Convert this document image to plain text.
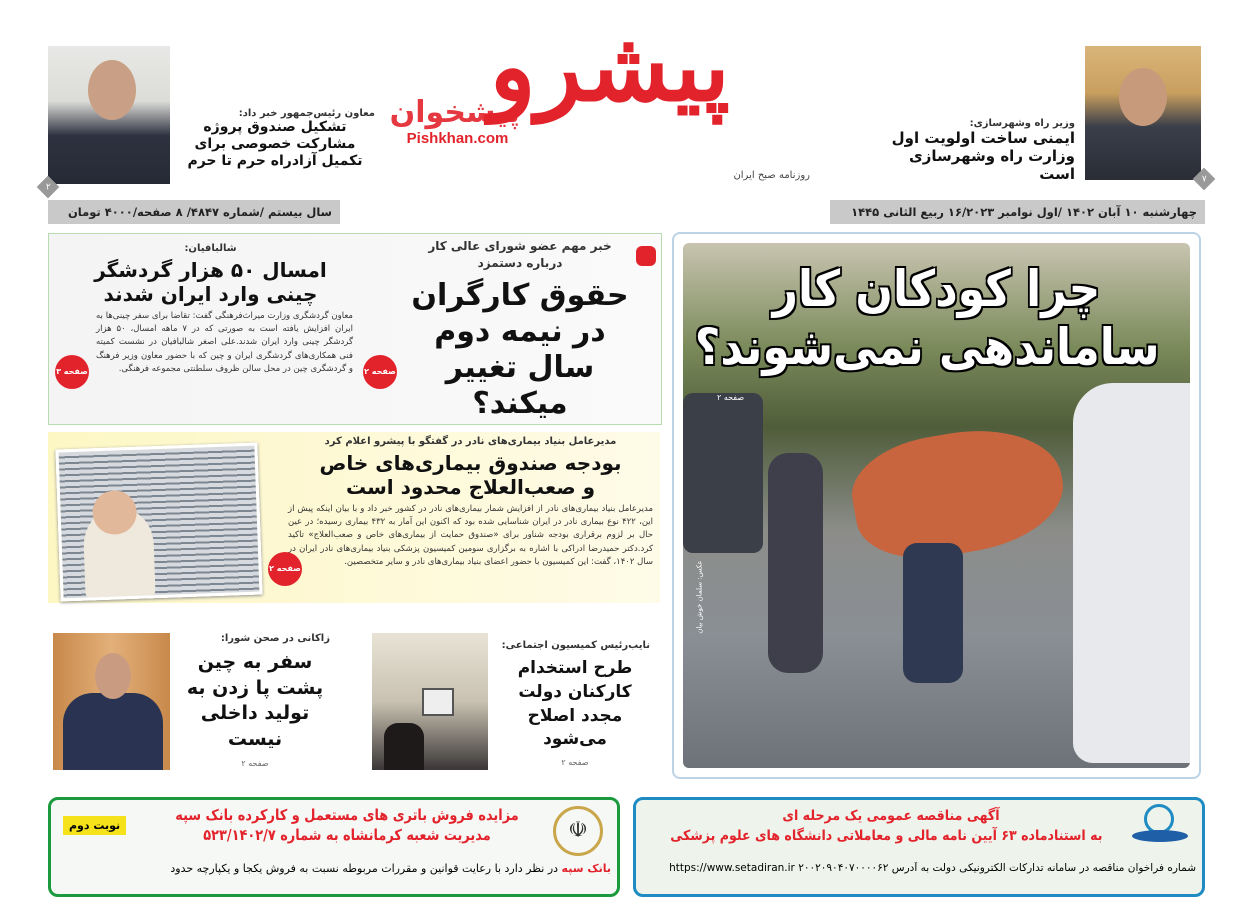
پیشرو
روزنامه صبح ایران	۷
وزیر راه وشهرسازی:
ایمنی ساخت اولویت اول وزارت راه وشهرسازی است
۲
معاون رئیس‌جمهور خبر داد:
تشکیل صندوق پروژه مشارکت خصوصی برای تکمیل آزادراه حرم تا حرم
چهارشنبه ۱۰ آبان ۱۴۰۲ /اول نوامبر ۱۶/۲۰۲۳ ربیع الثانی ۱۴۴۵
سال بیستم /شماره ۴۸۴۷/ ۸ صفحه/۴۰۰۰ تومان
چرا کودکان کار
ساماندهی نمی‌شوند؟
صفحه ۲
عکس: سلمان خوش بیان
خبر مهم عضو شورای عالی کار درباره دستمزد
حقوق کارگران در نیمه دوم سال تغییر میکند؟
صفحه ۲
شالبافیان:
امسال ۵۰ هزار گردشگر چینی وارد ایران شدند
معاون گردشگری وزارت میراث‌فرهنگی گفت: تقاضا برای سفر چینی‌ها به ایران افزایش یافته است به صورتی که در ۷ ماهه امسال، ۵۰ هزار گردشگر چینی وارد ایران شدند.علی اصغر شالبافیان در نشست کمیته فنی همکاری‌های گردشگری ایران و چین که با حضور معاون وزیر فرهنگ و گردشگری چین در محل سالن ظروف سلطنتی مجموعه فرهنگی.
صفحه ۳
پیشخوان
Pishkhan.com
مدیرعامل بنیاد بیماری‌های نادر در گفتگو با پیشرو اعلام کرد
بودجه صندوق بیماری‌های خاص و صعب‌العلاج محدود است
مدیرعامل بنیاد بیماری‌های نادر از افزایش شمار بیماری‌های نادر در کشور خبر داد و با بیان اینکه پیش از این، ۴۲۲ نوع بیماری نادر در ایران شناسایی شده بود که اکنون این آمار به ۴۳۲ بیماری رسیده؛ در عین حال بر لزوم برقراری بودجه شناور برای «صندوق حمایت از بیماری‌های خاص و صعب‌العلاج» تاکید کرد.دکتر حمیدرضا ادراکی با اشاره به برگزاری سومین کمیسیون پزشکی بنیاد بیماری‌های نادر ایران در سال ۱۴۰۲، گفت: این کمیسیون با حضور اعضای بنیاد بیماری‌های نادر و سایر متخصصین.
صفحه ۲
زاکانی در صحن شورا:
سفر به چین پشت پا زدن به تولید داخلی نیست
صفحه ۲
نایب‌رئیس کمیسیون اجتماعی:
طرح استخدام کارکنان دولت مجدد اصلاح می‌شود
صفحه ۲
☫
مزایده فروش باتری های مستعمل و کارکرده بانک سپه
مدیریت شعبه کرمانشاه به شماره ۵۲۳/۱۴۰۲/۷
نوبت دوم
بانک سپه در نظر دارد با رعایت قوانین و مقررات مربوطه نسبت به فروش یکجا و یکپارچه حدود
آگهی مناقصه عمومی یک مرحله ای
به استنادماده ۶۳ آیین نامه مالی و معاملاتی دانشگاه های علوم پزشکی
شماره فراخوان مناقصه در سامانه تدارکات الکترونیکی دولت به آدرس https://www.setadiran.ir ۲۰۰۲۰۹۰۴۰۷۰۰۰۰۶۲
